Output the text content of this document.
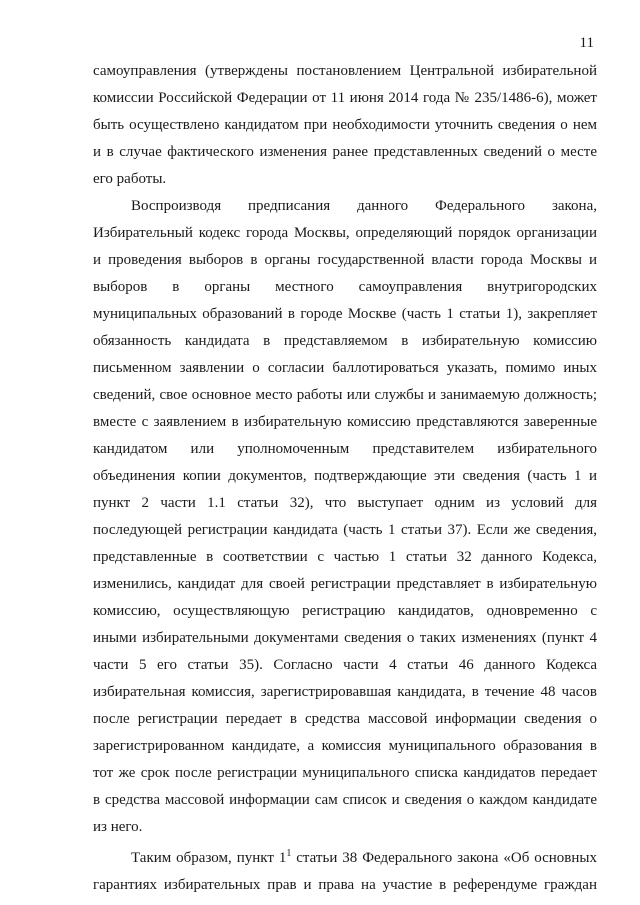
11
самоуправления (утверждены постановлением Центральной избирательной
комиссии Российской Федерации от 11 июня 2014 года № 235/1486-6), может
быть осуществлено кандидатом при необходимости уточнить сведения о нем
и в случае фактического изменения ранее представленных сведений о месте
его работы.
Воспроизводя предписания данного Федерального закона,
Избирательный кодекс города Москвы, определяющий порядок организации
и проведения выборов в органы государственной власти города Москвы и
выборов в органы местного самоуправления внутригородских
муниципальных образований в городе Москве (часть 1 статьи 1), закрепляет
обязанность кандидата в представляемом в избирательную комиссию
письменном заявлении о согласии баллотироваться указать, помимо иных
сведений, свое основное место работы или службы и занимаемую должность;
вместе с заявлением в избирательную комиссию представляются заверенные
кандидатом или уполномоченным представителем избирательного
объединения копии документов, подтверждающие эти сведения (часть 1 и
пункт 2 части 1.1 статьи 32), что выступает одним из условий для
последующей регистрации кандидата (часть 1 статьи 37). Если же сведения,
представленные в соответствии с частью 1 статьи 32 данного Кодекса,
изменились, кандидат для своей регистрации представляет в избирательную
комиссию, осуществляющую регистрацию кандидатов, одновременно с
иными избирательными документами сведения о таких изменениях (пункт 4
части 5 его статьи 35). Согласно части 4 статьи 46 данного Кодекса
избирательная комиссия, зарегистрировавшая кандидата, в течение 48 часов
после регистрации передает в средства массовой информации сведения о
зарегистрированном кандидате, а комиссия муниципального образования в
тот же срок после регистрации муниципального списка кандидатов передает
в средства массовой информации сам список и сведения о каждом кандидате
из него.
Таким образом, пункт $1^1$ статьи 38 Федерального закона «Об основных
гарантиях избирательных прав и права на участие в референдуме граждан
